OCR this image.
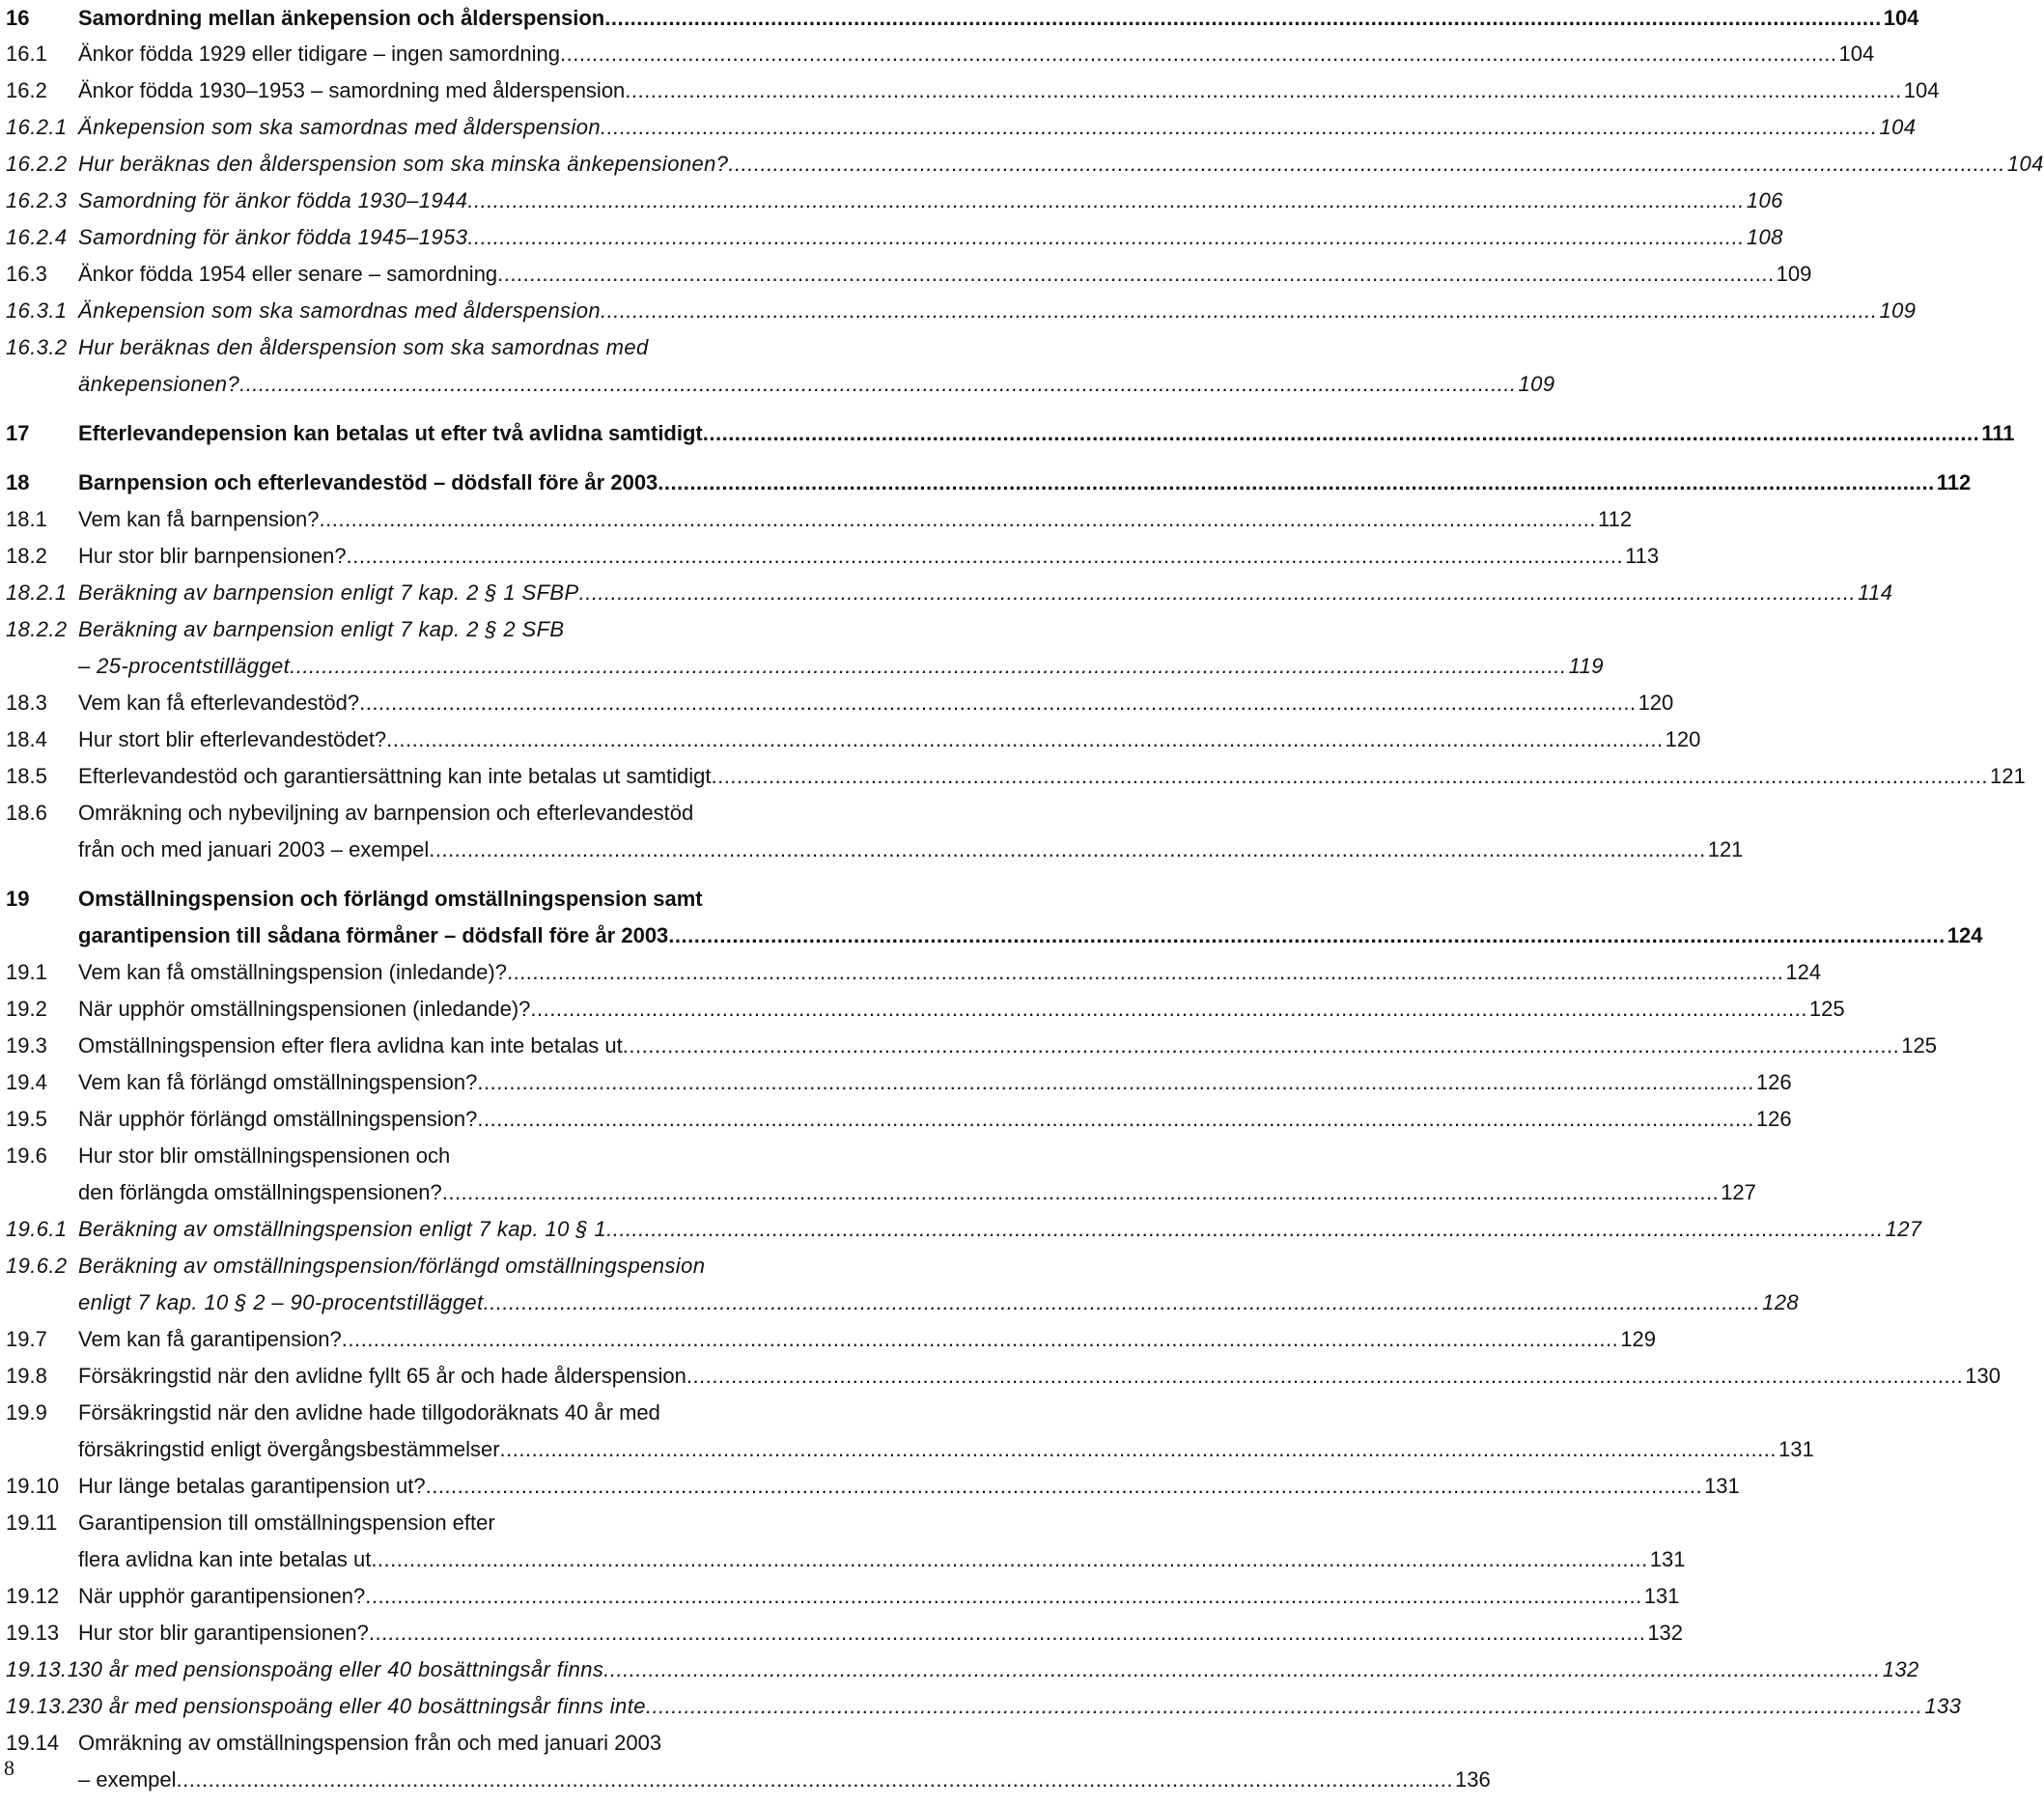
16	Samordning mellan änkepension och ålderspension ........................................................................................................................................................................................................ 104
16.1	Änkor födda 1929 eller tidigare – ingen samordning ........................................................................................................................................................................................................ 104
16.2	Änkor födda 1930–1953 – samordning med ålderspension ........................................................................................................................................................................................................ 104
16.2.1 Änkepension som ska samordnas med ålderspension ........................................................................................................................................................................................................ 104
16.2.2 Hur beräknas den ålderspension som ska minska änkepensionen? ........................................................................................................................................................................................................ 104
16.2.3 Samordning för änkor födda 1930–1944 ........................................................................................................................................................................................................ 106
16.2.4 Samordning för änkor födda 1945–1953 ........................................................................................................................................................................................................ 108
16.3	Änkor födda 1954 eller senare – samordning ........................................................................................................................................................................................................ 109
16.3.1 Änkepension som ska samordnas med ålderspension ........................................................................................................................................................................................................ 109
16.3.2 Hur beräknas den ålderspension som ska samordnas med
änkepensionen? ........................................................................................................................................................................................................ 109
17	Efterlevandepension kan betalas ut efter två avlidna samtidigt ........................................................................................................................................................................................................ 111
18	Barnpension och efterlevandestöd – dödsfall före år 2003 ........................................................................................................................................................................................................ 112
18.1	Vem kan få barnpension? ........................................................................................................................................................................................................ 112
18.2	Hur stor blir barnpensionen? ........................................................................................................................................................................................................ 113
18.2.1 Beräkning av barnpension enligt 7 kap. 2 § 1 SFBP ........................................................................................................................................................................................................ 114
18.2.2 Beräkning av barnpension enligt 7 kap. 2 § 2 SFB
– 25-procentstillägget ........................................................................................................................................................................................................ 119
18.3	Vem kan få efterlevandestöd? ........................................................................................................................................................................................................ 120
18.4	Hur stort blir efterlevandestödet? ........................................................................................................................................................................................................ 120
18.5	Efterlevandestöd och garantiersättning kan inte betalas ut samtidigt ........................................................................................................................................................................................................ 121
18.6	Omräkning och nybeviljning av barnpension och efterlevandestöd
från och med januari 2003 – exempel ........................................................................................................................................................................................................ 121
19	Omställningspension och förlängd omställningspension samt
garantipension till sådana förmåner – dödsfall före år 2003 ........................................................................................................................................................................................................ 124
19.1	Vem kan få omställningspension (inledande)? ........................................................................................................................................................................................................ 124
19.2	När upphör omställningspensionen (inledande)? ........................................................................................................................................................................................................ 125
19.3	Omställningspension efter flera avlidna kan inte betalas ut ........................................................................................................................................................................................................ 125
19.4	Vem kan få förlängd omställningspension? ........................................................................................................................................................................................................ 126
19.5	När upphör förlängd omställningspension? ........................................................................................................................................................................................................ 126
19.6	Hur stor blir omställningspensionen och
den förlängda omställningspensionen? ........................................................................................................................................................................................................ 127
19.6.1 Beräkning av omställningspension enligt 7 kap. 10 § 1 ........................................................................................................................................................................................................ 127
19.6.2 Beräkning av omställningspension/förlängd omställningspension
enligt 7 kap. 10 § 2 – 90-procentstillägget ........................................................................................................................................................................................................ 128
19.7	Vem kan få garantipension? ........................................................................................................................................................................................................ 129
19.8	Försäkringstid när den avlidne fyllt 65 år och hade ålderspension ........................................................................................................................................................................................................ 130
19.9	Försäkringstid när den avlidne hade tillgodoräknats 40 år med
försäkringstid enligt övergångsbestämmelser ........................................................................................................................................................................................................ 131
19.10 Hur länge betalas garantipension ut? ........................................................................................................................................................................................................ 131
19.11 Garantipension till omställningspension efter
flera avlidna kan inte betalas ut ........................................................................................................................................................................................................ 131
19.12 När upphör garantipensionen? ........................................................................................................................................................................................................ 131
19.13 Hur stor blir garantipensionen? ........................................................................................................................................................................................................ 132
19.13.1
30 år med pensionspoäng eller 40 bosättningsår finns ........................................................................................................................................................................................................ 132
19.13.2
30 år med pensionspoäng eller 40 bosättningsår finns inte ........................................................................................................................................................................................................ 133
19.14 Omräkning av omställningspension från och med januari 2003
– exempel ........................................................................................................................................................................................................ 136
8
